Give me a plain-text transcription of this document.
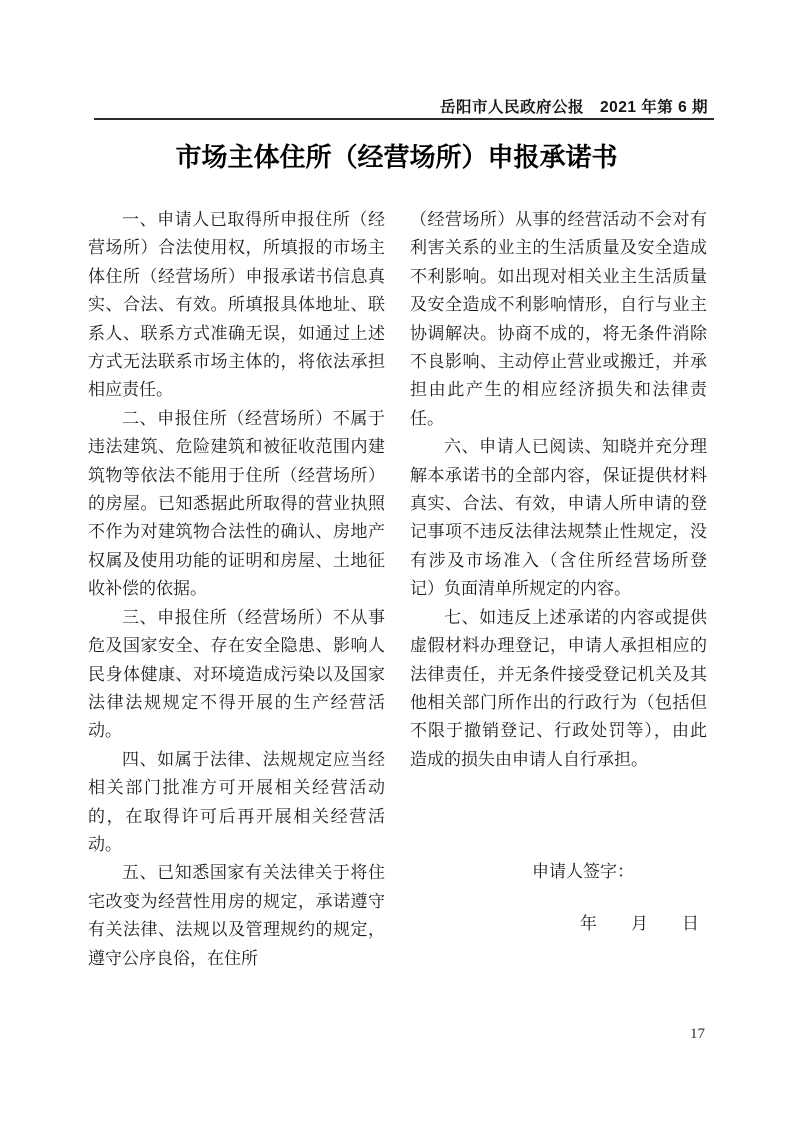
岳阳市人民政府公报　2021 年第 6 期
市场主体住所（经营场所）申报承诺书

一、申请人已取得所申报住所（经营场所）合法使用权，所填报的市场主体住所（经营场所）申报承诺书信息真实、合法、有效。所填报具体地址、联系人、联系方式准确无误，如通过上述方式无法联系市场主体的，将依法承担相应责任。

二、申报住所（经营场所）不属于违法建筑、危险建筑和被征收范围内建筑物等依法不能用于住所（经营场所）的房屋。已知悉据此所取得的营业执照不作为对建筑物合法性的确认、房地产权属及使用功能的证明和房屋、土地征收补偿的依据。

三、申报住所（经营场所）不从事危及国家安全、存在安全隐患、影响人民身体健康、对环境造成污染以及国家法律法规规定不得开展的生产经营活动。

四、如属于法律、法规规定应当经相关部门批准方可开展相关经营活动的，在取得许可后再开展相关经营活动。

五、已知悉国家有关法律关于将住宅改变为经营性用房的规定，承诺遵守有关法律、法规以及管理规约的规定，遵守公序良俗，在住所

（经营场所）从事的经营活动不会对有利害关系的业主的生活质量及安全造成不利影响。如出现对相关业主生活质量及安全造成不利影响情形，自行与业主协调解决。协商不成的，将无条件消除不良影响、主动停止营业或搬迁，并承担由此产生的相应经济损失和法律责任。

六、申请人已阅读、知晓并充分理解本承诺书的全部内容，保证提供材料真实、合法、有效，申请人所申请的登记事项不违反法律法规禁止性规定，没有涉及市场准入（含住所经营场所登记）负面清单所规定的内容。

七、如违反上述承诺的内容或提供虚假材料办理登记，申请人承担相应的法律责任，并无条件接受登记机关及其他相关部门所作出的行政行为（包括但不限于撤销登记、行政处罚等），由此造成的损失由申请人自行承担。

申请人签字：
年　　月　　日
17
